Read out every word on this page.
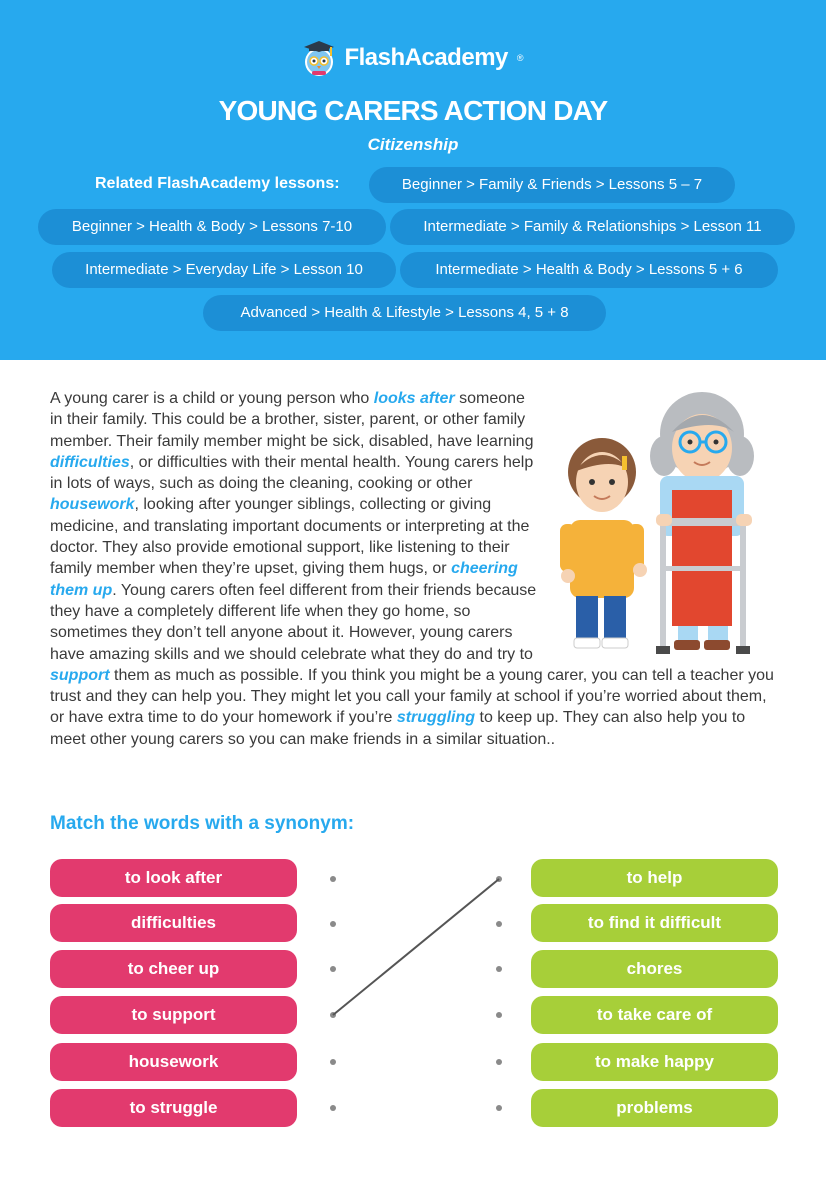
FlashAcademy ®
YOUNG CARERS ACTION DAY
Citizenship
Related FlashAcademy lessons:	Beginner > Family & Friends > Lessons 5 – 7
Beginner > Health & Body > Lessons 7-10	Intermediate > Family & Relationships > Lesson 11
Intermediate > Everyday Life > Lesson 10	Intermediate > Health & Body > Lessons 5 + 6
Advanced > Health & Lifestyle > Lessons 4, 5 + 8
A young carer is a child or young person who looks after someone in their family. This could be a brother, sister, parent, or other family member. Their family member might be sick, disabled, have learning difficulties, or difficulties with their mental health. Young carers help in lots of ways, such as doing the cleaning, cooking or other housework, looking after younger siblings, collecting or giving medicine, and translating important documents or interpreting at the doctor. They also provide emotional support, like listening to their family member when they’re upset, giving them hugs, or cheering them up. Young carers often feel different from their friends because they have a completely different life when they go home, so sometimes they don’t tell anyone about it. However, young carers have amazing skills and we should celebrate what they do and try to support them as much as possible. If you think you might be a young carer, you can tell a teacher you trust and they can help you. They might let you call your family at school if you’re worried about them, or have extra time to do your homework if you’re struggling to keep up. They can also help you to meet other young carers so you can make friends in a similar situation..
Match the words with a synonym:
to look after
difficulties
to cheer up
to support
housework
to struggle
to help
to find it difficult
chores
to take care of
to make happy
problems
